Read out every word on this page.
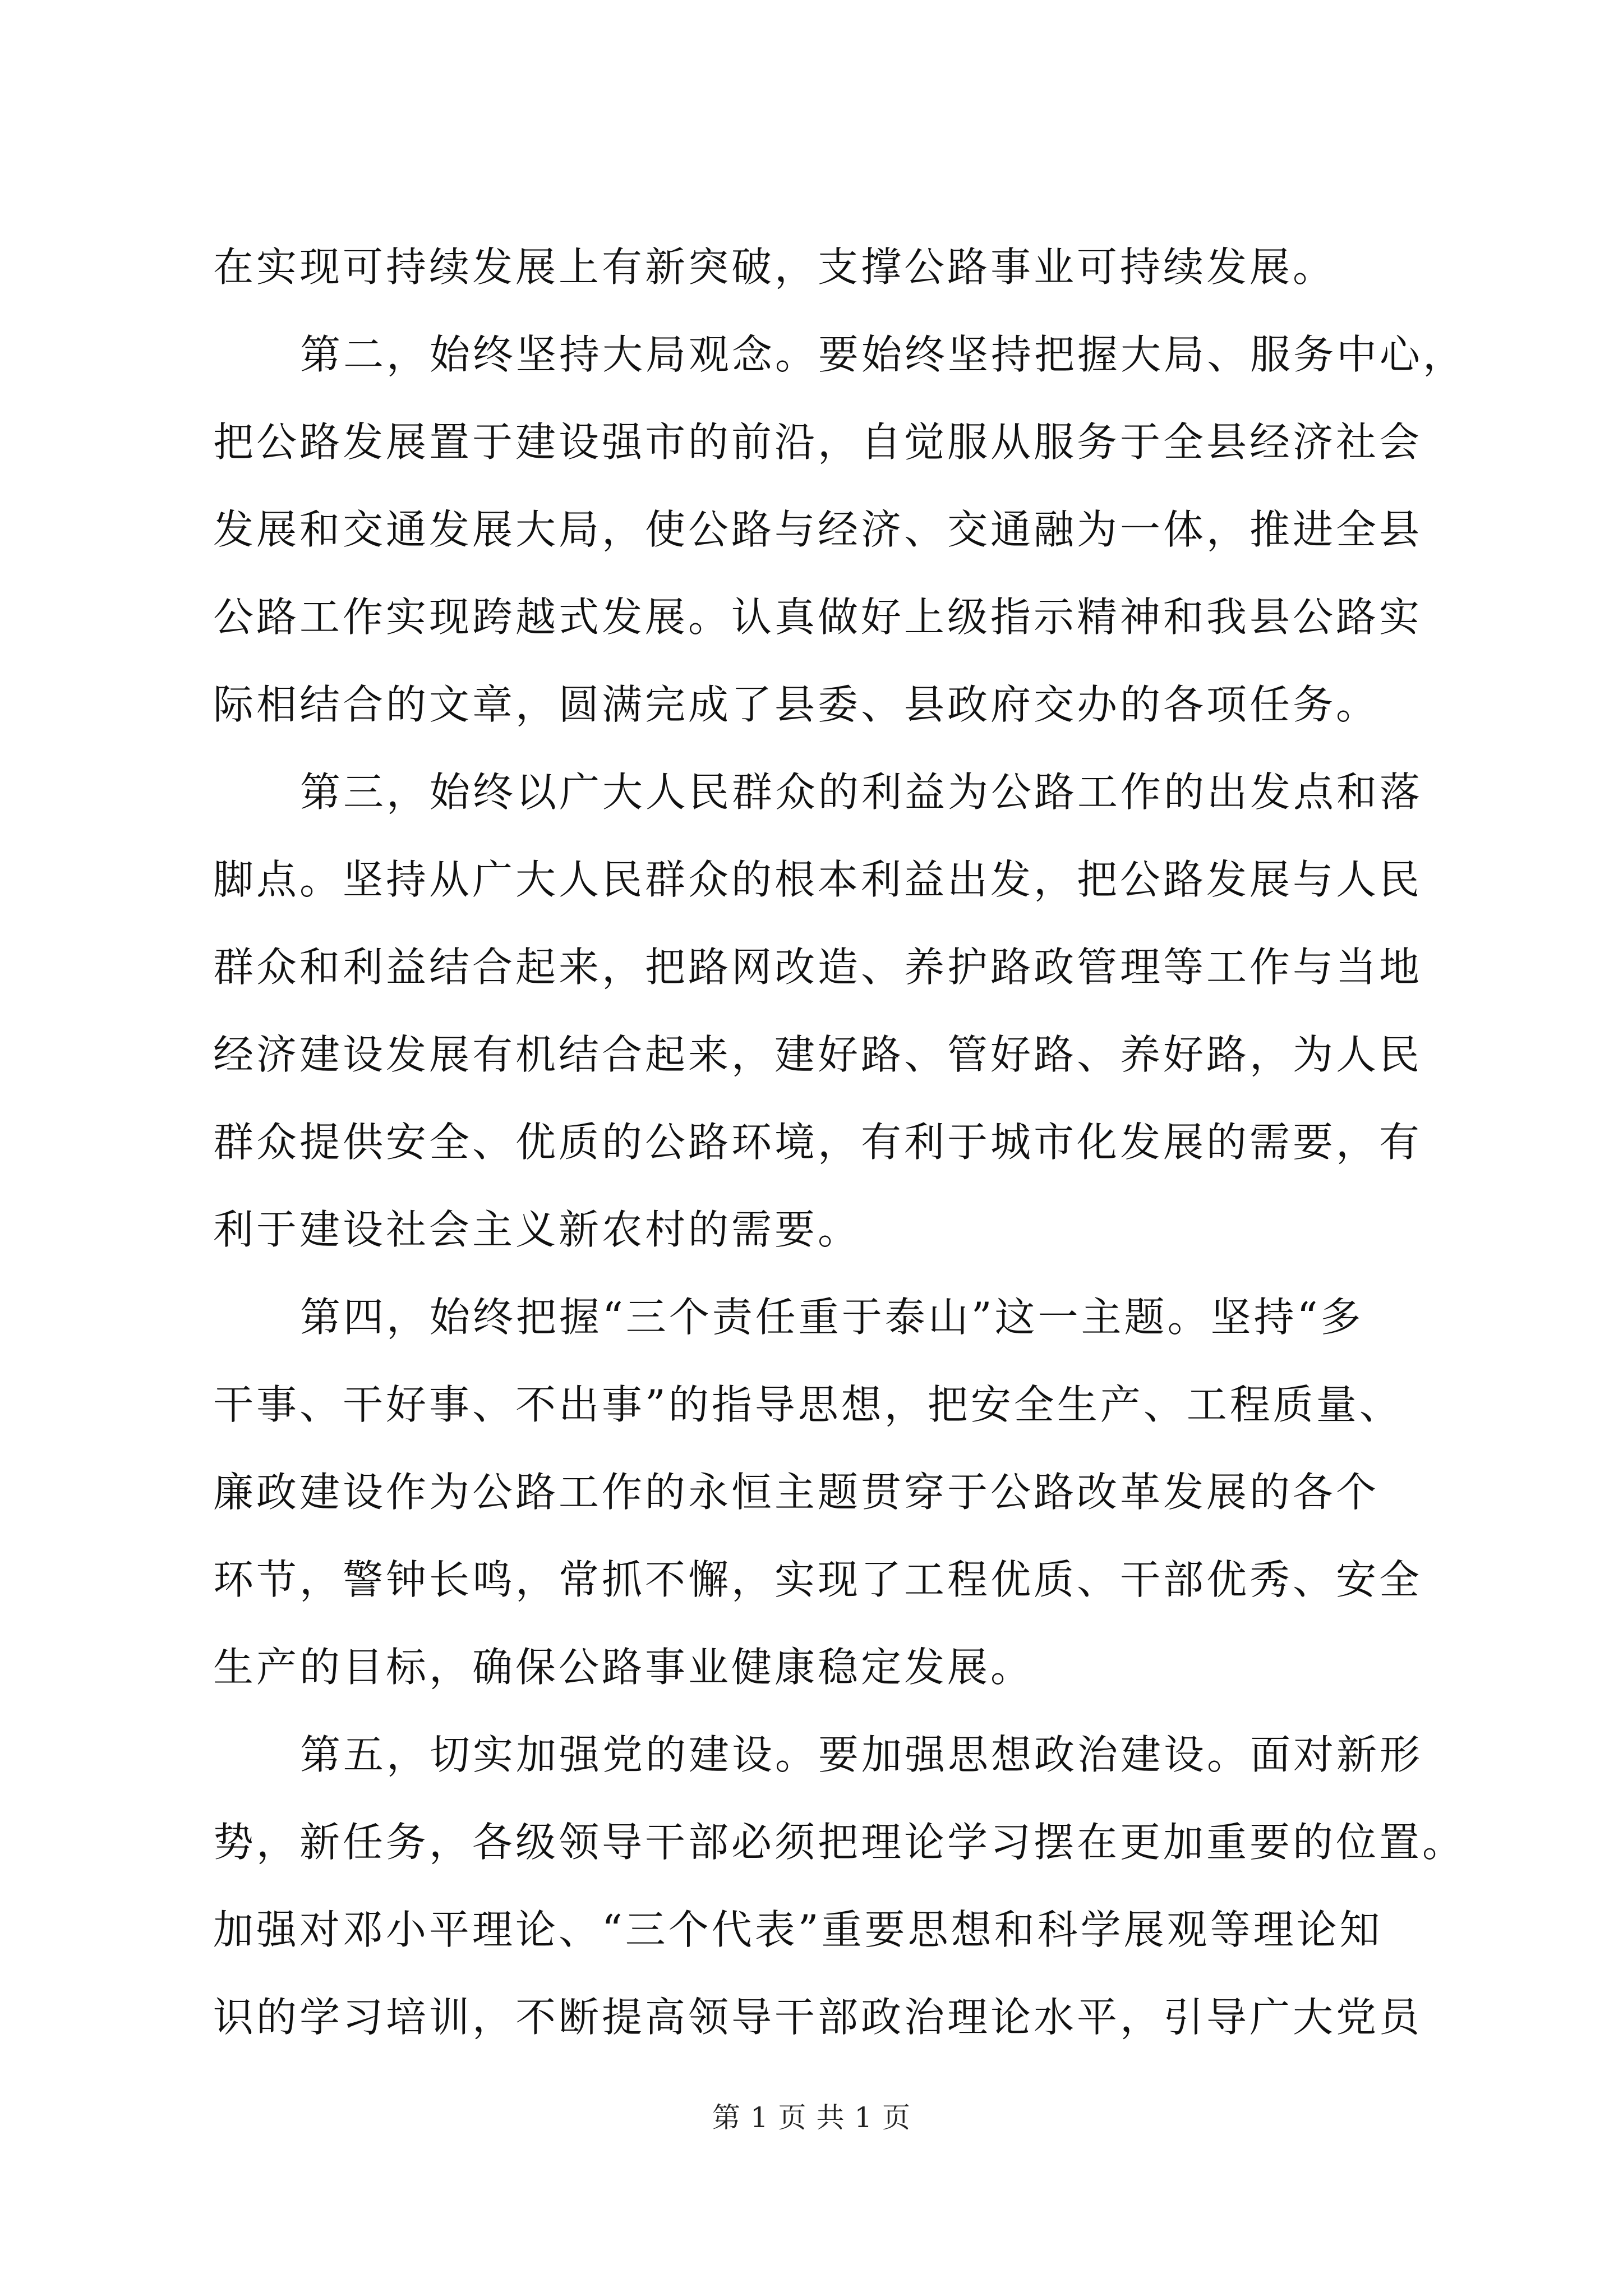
在实现可持续发展上有新突破，支撑公路事业可持续发展。
第二，始终坚持大局观念。要始终坚持把握大局、服务中心，
把公路发展置于建设强市的前沿，自觉服从服务于全县经济社会
发展和交通发展大局，使公路与经济、交通融为一体，推进全县
公路工作实现跨越式发展。认真做好上级指示精神和我县公路实
际相结合的文章，圆满完成了县委、县政府交办的各项任务。
第三，始终以广大人民群众的利益为公路工作的出发点和落
脚点。坚持从广大人民群众的根本利益出发，把公路发展与人民
群众和利益结合起来，把路网改造、养护路政管理等工作与当地
经济建设发展有机结合起来，建好路、管好路、养好路，为人民
群众提供安全、优质的公路环境，有利于城市化发展的需要，有
利于建设社会主义新农村的需要。
第四，始终把握“三个责任重于泰山”这一主题。坚持“多
干事、干好事、不出事”的指导思想，把安全生产、工程质量、
廉政建设作为公路工作的永恒主题贯穿于公路改革发展的各个
环节，警钟长鸣，常抓不懈，实现了工程优质、干部优秀、安全
生产的目标，确保公路事业健康稳定发展。
第五，切实加强党的建设。要加强思想政治建设。面对新形
势，新任务，各级领导干部必须把理论学习摆在更加重要的位置。
加强对邓小平理论、“三个代表”重要思想和科学展观等理论知
识的学习培训，不断提高领导干部政治理论水平，引导广大党员
第 1 页 共 1 页
